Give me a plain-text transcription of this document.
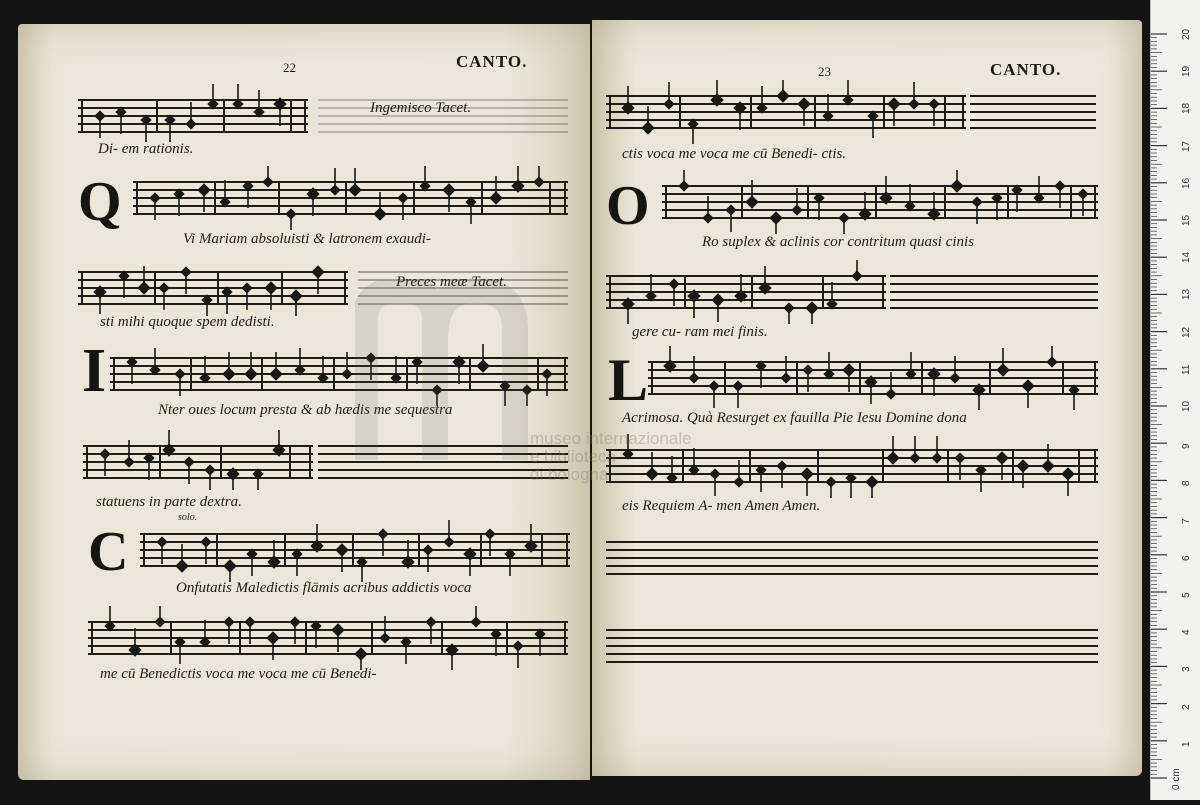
22	CANTO.
Ingemisco Tacet.
Di- em rationis.
Q
Vi Mariam absoluisti & latronem exaudi-
Preces meæ Tacet.
sti mihi quoque spem dedisti.
I
Nter oues locum presta & ab hædis me sequestra
statuens in parte dextra.
solo.
C
Onfutatis Maledictis flāmis acribus addictis voca
me cū Benedictis voca me voca me cū Benedi-
23	CANTO.
ctis voca me voca me cū Benedi- ctis.
O
Ro suplex & aclinis cor contritum quasi cinis
gere cu- ram mei finis.
L
Acrimosa. Quà Resurget ex fauilla Pie Iesu Domine dona
eis Requiem A- men Amen Amen.
museo internazionale
e biblioteca
di bologna
0 cm
1
2
3
4
5
6
7
8
9
10
11
12
13
14
15
16
17
18
19
20
